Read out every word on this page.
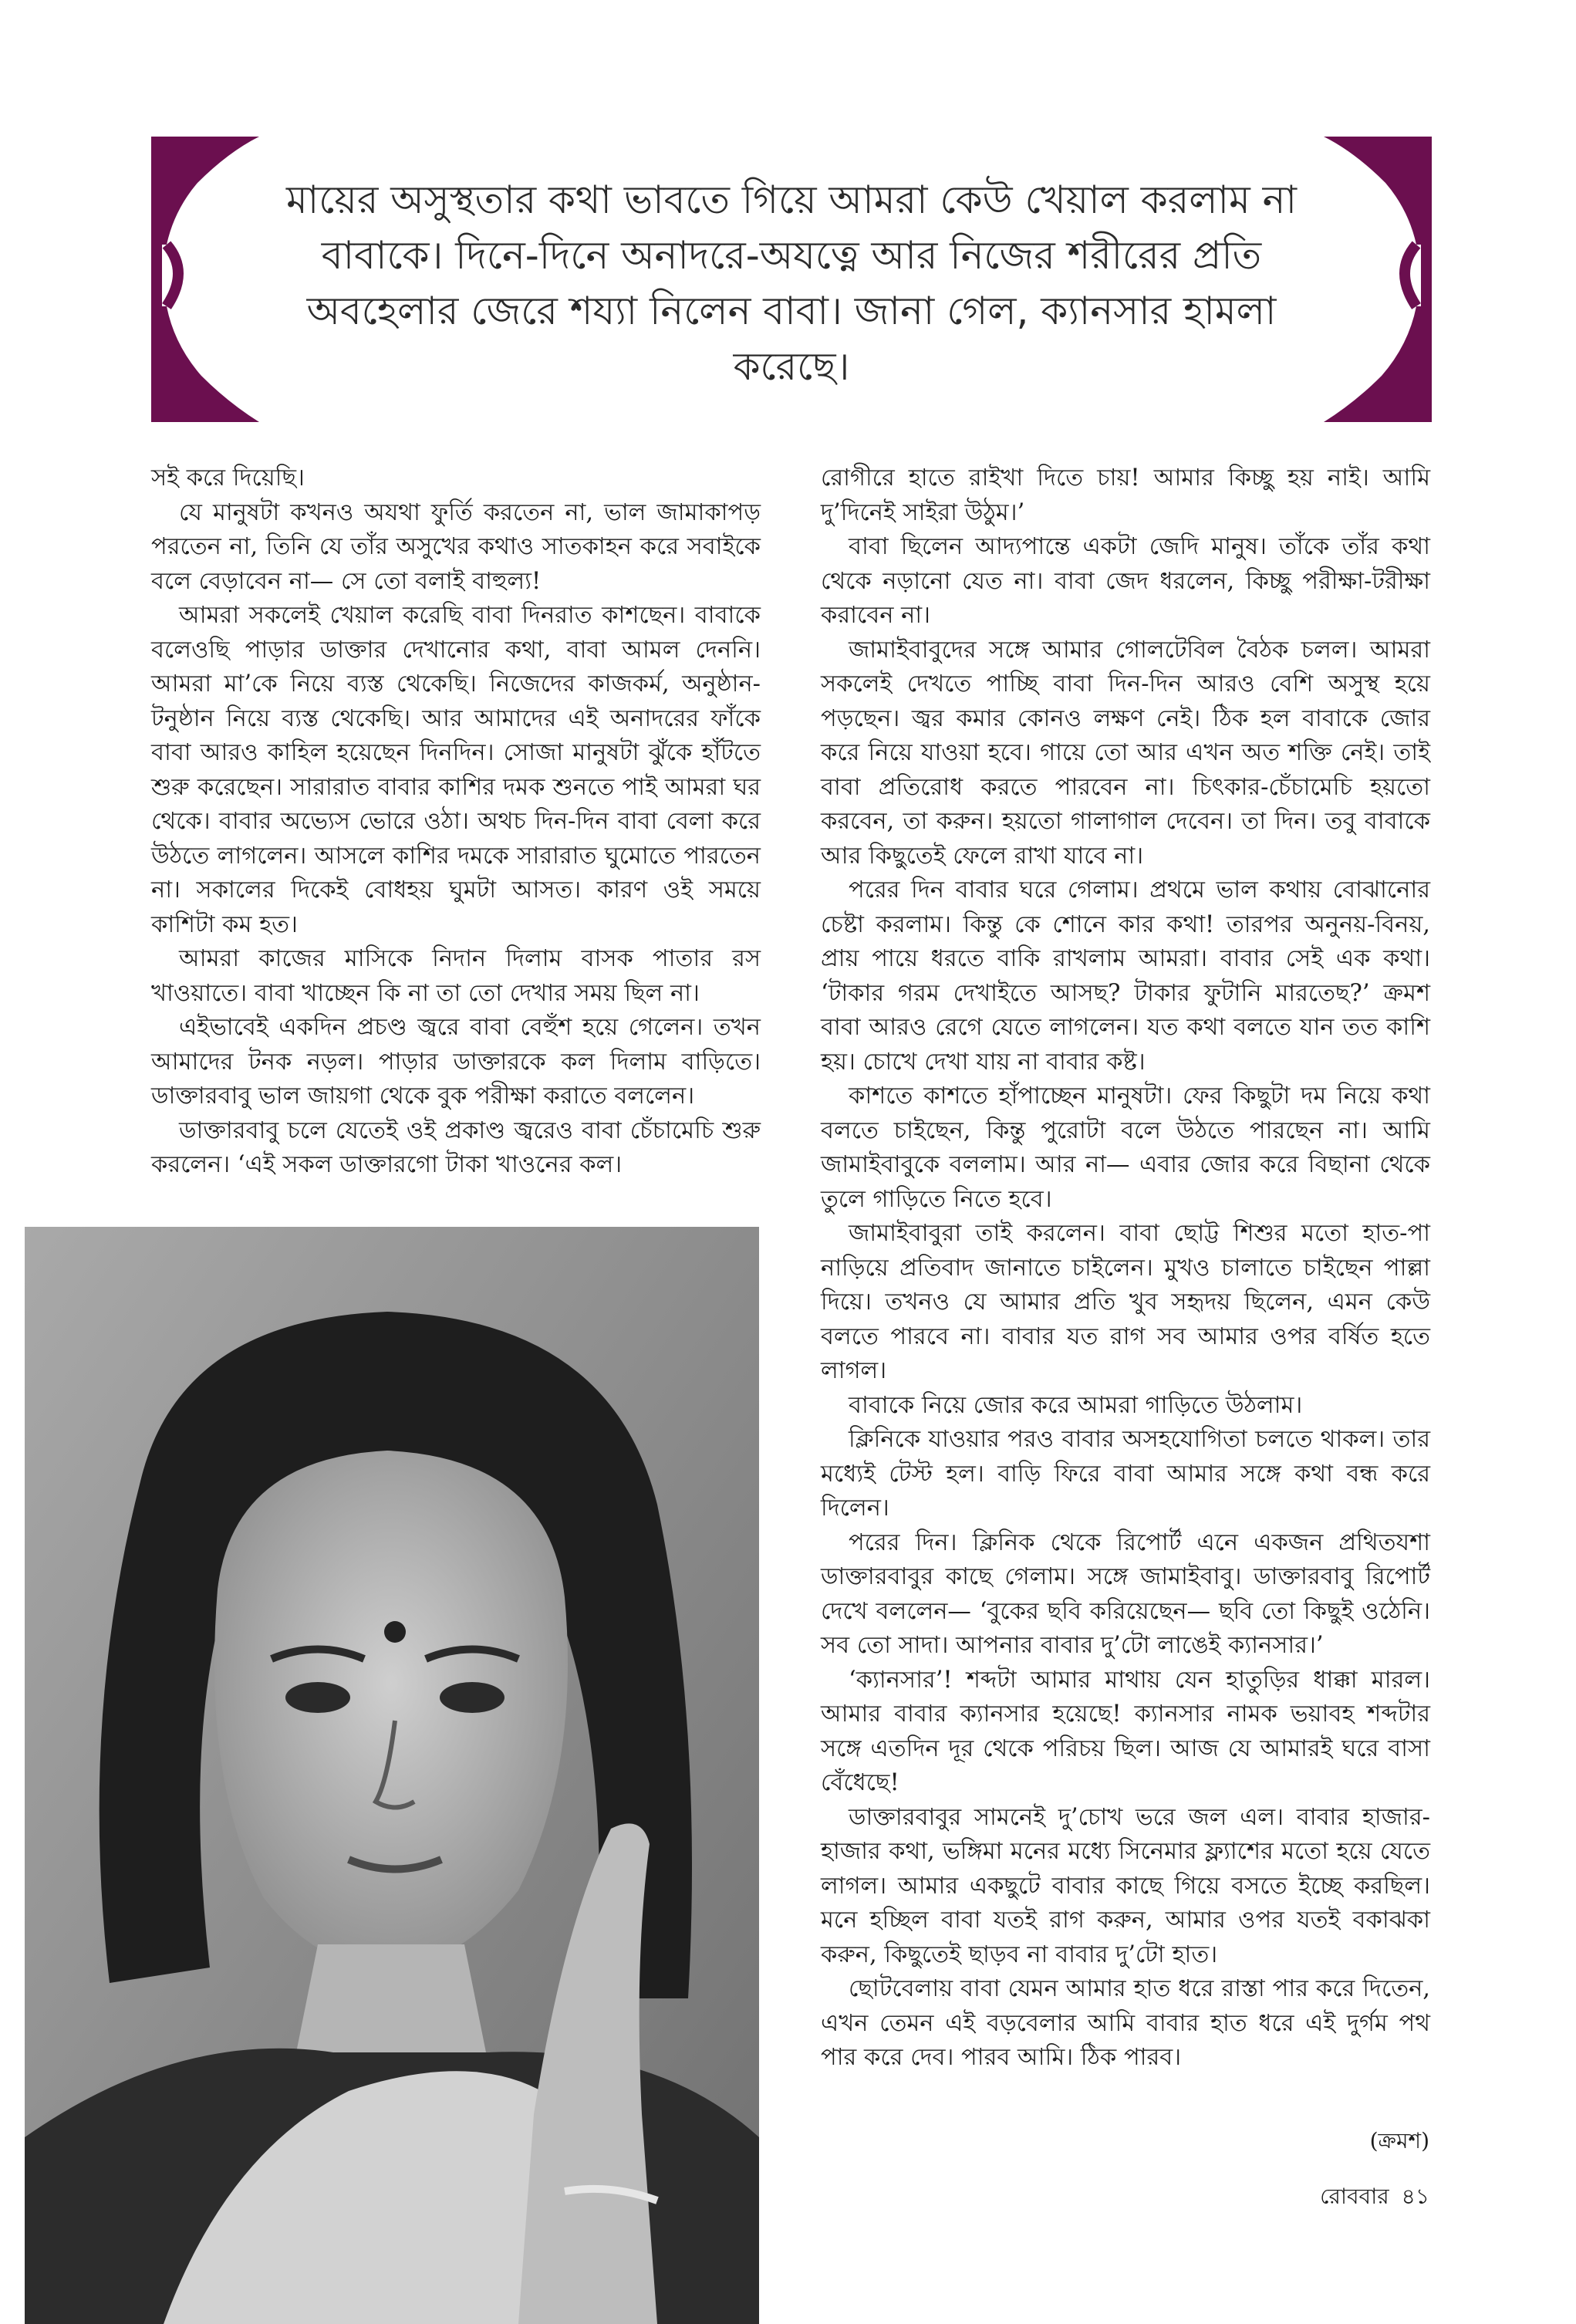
মায়ের অসুস্থতার কথা ভাবতে গিয়ে আমরা কেউ খেয়াল করলাম না বাবাকে। দিনে-দিনে অনাদরে-অযত্নে আর নিজের শরীরের প্রতি অবহেলার জেরে শয্যা নিলেন বাবা। জানা গেল, ক্যানসার হামলা করেছে।

সই করে দিয়েছি।

যে মানুষটা কখনও অযথা ফুর্তি করতেন না, ভাল জামাকাপড় পরতেন না, তিনি যে তাঁর অসুখের কথাও সাতকাহন করে সবাইকে বলে বেড়াবেন না— সে তো বলাই বাহুল্য!

আমরা সকলেই খেয়াল করেছি বাবা দিনরাত কাশছেন। বাবাকে বলেওছি পাড়ার ডাক্তার দেখানোর কথা, বাবা আমল দেননি। আমরা মা’কে নিয়ে ব্যস্ত থেকেছি। নিজেদের কাজকর্ম, অনুষ্ঠান-টনুষ্ঠান নিয়ে ব্যস্ত থেকেছি। আর আমাদের এই অনাদরের ফাঁকে বাবা আরও কাহিল হয়েছেন দিনদিন। সোজা মানুষটা ঝুঁকে হাঁটতে শুরু করেছেন। সারারাত বাবার কাশির দমক শুনতে পাই আমরা ঘর থেকে। বাবার অভ্যেস ভোরে ওঠা। অথচ দিন-দিন বাবা বেলা করে উঠতে লাগলেন। আসলে কাশির দমকে সারারাত ঘুমোতে পারতেন না। সকালের দিকেই বোধহয় ঘুমটা আসত। কারণ ওই সময়ে কাশিটা কম হত।

আমরা কাজের মাসিকে নিদান দিলাম বাসক পাতার রস খাওয়াতে। বাবা খাচ্ছেন কি না তা তো দেখার সময় ছিল না।

এইভাবেই একদিন প্রচণ্ড জ্বরে বাবা বেহুঁশ হয়ে গেলেন। তখন আমাদের টনক নড়ল। পাড়ার ডাক্তারকে কল দিলাম বাড়িতে। ডাক্তারবাবু ভাল জায়গা থেকে বুক পরীক্ষা করাতে বললেন।

ডাক্তারবাবু চলে যেতেই ওই প্রকাণ্ড জ্বরেও বাবা চেঁচামেচি শুরু করলেন। ‘এই সকল ডাক্তারগো টাকা খাওনের কল।

রোগীরে হাতে রাইখা দিতে চায়! আমার কিচ্ছু হয় নাই। আমি দু’দিনেই সাইরা উঠুম।’

বাবা ছিলেন আদ্যপান্তে একটা জেদি মানুষ। তাঁকে তাঁর কথা থেকে নড়ানো যেত না। বাবা জেদ ধরলেন, কিচ্ছু পরীক্ষা-টরীক্ষা করাবেন না।

জামাইবাবুদের সঙ্গে আমার গোলটেবিল বৈঠক চলল। আমরা সকলেই দেখতে পাচ্ছি বাবা দিন-দিন আরও বেশি অসুস্থ হয়ে পড়ছেন। জ্বর কমার কোনও লক্ষণ নেই। ঠিক হল বাবাকে জোর করে নিয়ে যাওয়া হবে। গায়ে তো আর এখন অত শক্তি নেই। তাই বাবা প্রতিরোধ করতে পারবেন না। চিৎকার-চেঁচামেচি হয়তো করবেন, তা করুন। হয়তো গালাগাল দেবেন। তা দিন। তবু বাবাকে আর কিছুতেই ফেলে রাখা যাবে না।

পরের দিন বাবার ঘরে গেলাম। প্রথমে ভাল কথায় বোঝানোর চেষ্টা করলাম। কিন্তু কে শোনে কার কথা! তারপর অনুনয়-বিনয়, প্রায় পায়ে ধরতে বাকি রাখলাম আমরা। বাবার সেই এক কথা। ‘টাকার গরম দেখাইতে আসছ? টাকার ফুটানি মারতেছ?’ ক্রমশ বাবা আরও রেগে যেতে লাগলেন। যত কথা বলতে যান তত কাশি হয়। চোখে দেখা যায় না বাবার কষ্ট।

কাশতে কাশতে হাঁপাচ্ছেন মানুষটা। ফের কিছুটা দম নিয়ে কথা বলতে চাইছেন, কিন্তু পুরোটা বলে উঠতে পারছেন না। আমি জামাইবাবুকে বললাম। আর না— এবার জোর করে বিছানা থেকে তুলে গাড়িতে নিতে হবে।

জামাইবাবুরা তাই করলেন। বাবা ছোট্ট শিশুর মতো হাত-পা নাড়িয়ে প্রতিবাদ জানাতে চাইলেন। মুখও চালাতে চাইছেন পাল্লা দিয়ে। তখনও যে আমার প্রতি খুব সহৃদয় ছিলেন, এমন কেউ বলতে পারবে না। বাবার যত রাগ সব আমার ওপর বর্ষিত হতে লাগল।

বাবাকে নিয়ে জোর করে আমরা গাড়িতে উঠলাম।

ক্লিনিকে যাওয়ার পরও বাবার অসহযোগিতা চলতে থাকল। তার মধ্যেই টেস্ট হল। বাড়ি ফিরে বাবা আমার সঙ্গে কথা বন্ধ করে দিলেন।

পরের দিন। ক্লিনিক থেকে রিপোর্ট এনে একজন প্রথিতযশা ডাক্তারবাবুর কাছে গেলাম। সঙ্গে জামাইবাবু। ডাক্তারবাবু রিপোর্ট দেখে বললেন— ‘বুকের ছবি করিয়েছেন— ছবি তো কিছুই ওঠেনি। সব তো সাদা। আপনার বাবার দু’টো লাঙেই ক্যানসার।’

‘ক্যানসার’! শব্দটা আমার মাথায় যেন হাতুড়ির ধাক্কা মারল। আমার বাবার ক্যানসার হয়েছে! ক্যানসার নামক ভয়াবহ শব্দটার সঙ্গে এতদিন দূর থেকে পরিচয় ছিল। আজ যে আমারই ঘরে বাসা বেঁধেছে!

ডাক্তারবাবুর সামনেই দু’চোখ ভরে জল এল। বাবার হাজার-হাজার কথা, ভঙ্গিমা মনের মধ্যে সিনেমার ফ্ল্যাশের মতো হয়ে যেতে লাগল। আমার একছুটে বাবার কাছে গিয়ে বসতে ইচ্ছে করছিল। মনে হচ্ছিল বাবা যতই রাগ করুন, আমার ওপর যতই বকাঝকা করুন, কিছুতেই ছাড়ব না বাবার দু’টো হাত।

ছোটবেলায় বাবা যেমন আমার হাত ধরে রাস্তা পার করে দিতেন, এখন তেমন এই বড়বেলার আমি বাবার হাত ধরে এই দুর্গম পথ পার করে দেব। পারব আমি। ঠিক পারব।

(ক্রমশ)
রোববার ৪১
